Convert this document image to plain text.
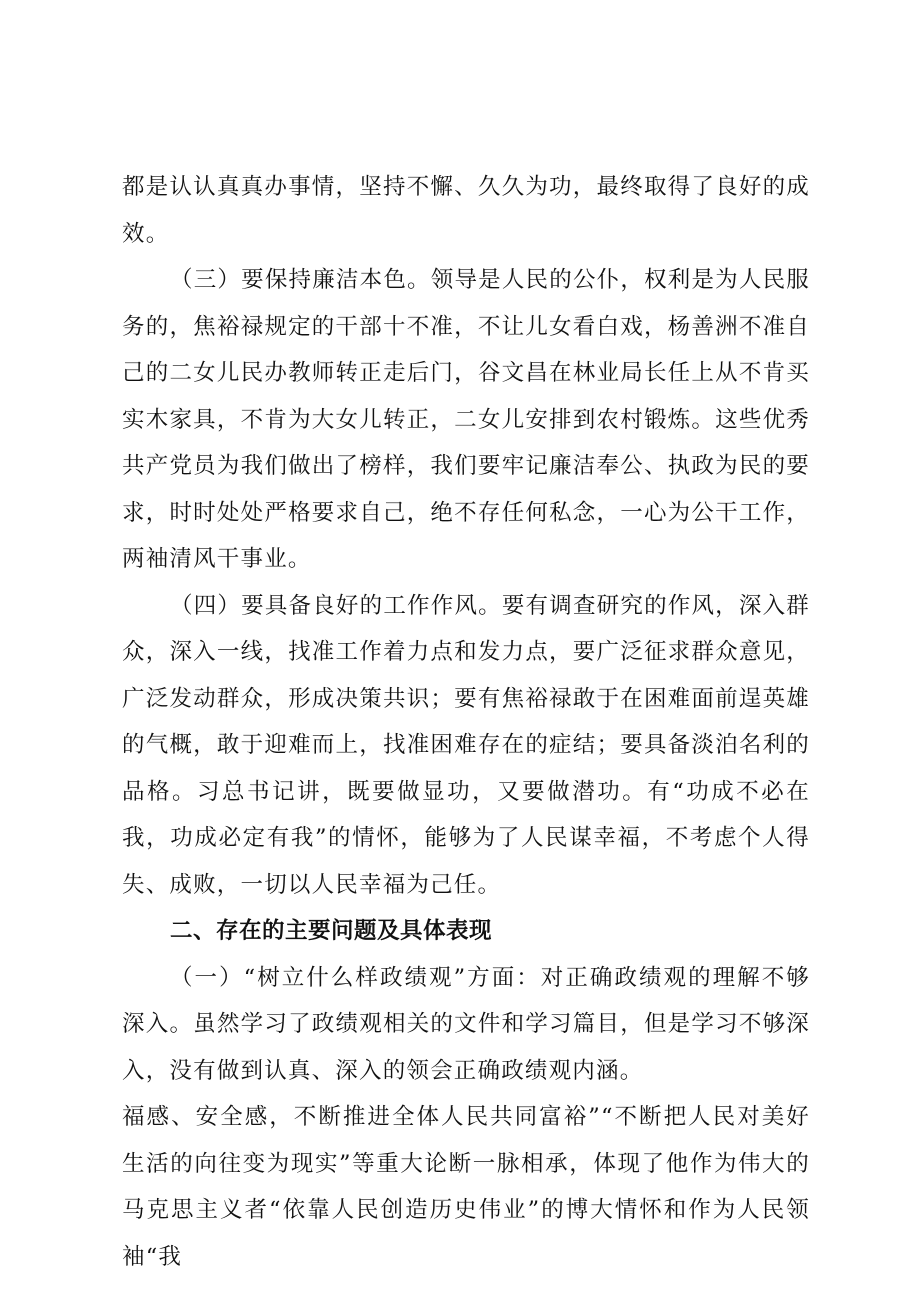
都是认认真真办事情，坚持不懈、久久为功，最终取得了良好的成效。

（三）要保持廉洁本色。领导是人民的公仆，权利是为人民服务的，焦裕禄规定的干部十不准，不让儿女看白戏，杨善洲不准自己的二女儿民办教师转正走后门，谷文昌在林业局长任上从不肯买实木家具，不肯为大女儿转正，二女儿安排到农村锻炼。这些优秀共产党员为我们做出了榜样，我们要牢记廉洁奉公、执政为民的要求，时时处处严格要求自己，绝不存任何私念，一心为公干工作，两袖清风干事业。

（四）要具备良好的工作作风。要有调查研究的作风，深入群众，深入一线，找准工作着力点和发力点，要广泛征求群众意见，广泛发动群众，形成决策共识；要有焦裕禄敢于在困难面前逞英雄的气概，敢于迎难而上，找准困难存在的症结；要具备淡泊名利的品格。习总书记讲，既要做显功，又要做潜功。有“功成不必在我，功成必定有我”的情怀，能够为了人民谋幸福，不考虑个人得失、成败，一切以人民幸福为己任。

二、存在的主要问题及具体表现

（一）“树立什么样政绩观”方面：对正确政绩观的理解不够深入。虽然学习了政绩观相关的文件和学习篇目，但是学习不够深入，没有做到认真、深入的领会正确政绩观内涵。

福感、安全感，不断推进全体人民共同富裕”“不断把人民对美好生活的向往变为现实”等重大论断一脉相承，体现了他作为伟大的马克思主义者“依靠人民创造历史伟业”的博大情怀和作为人民领袖“我
